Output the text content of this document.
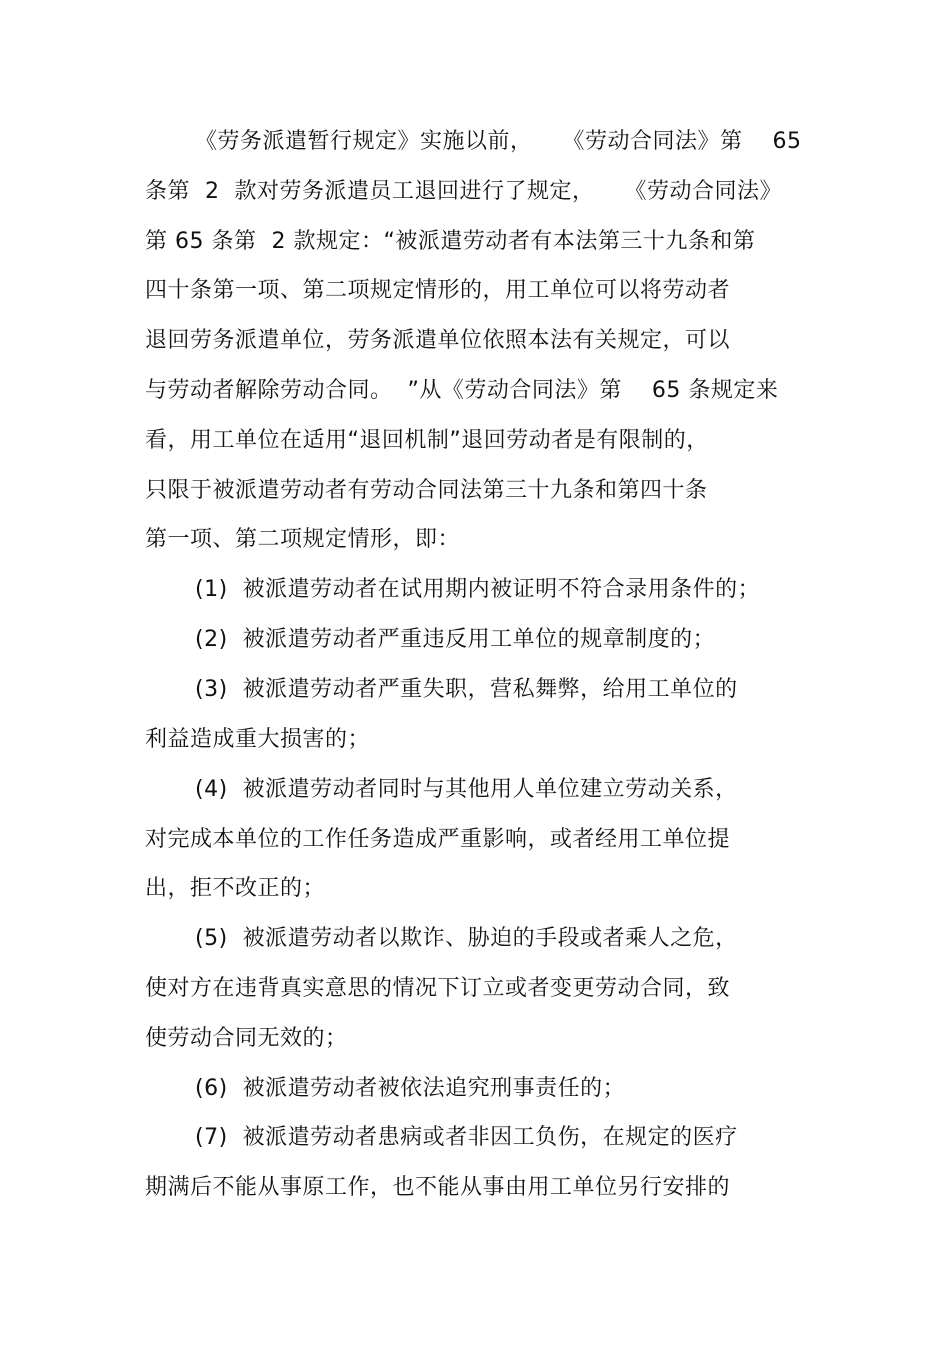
《劳务派遣暂行规定》实施以前，    《劳动合同法》第    65
条第  2  款对劳务派遣员工退回进行了规定，    《劳动合同法》
第 65 条第  2 款规定：“被派遣劳动者有本法第三十九条和第
四十条第一项、第二项规定情形的，用工单位可以将劳动者
退回劳务派遣单位，劳务派遣单位依照本法有关规定，可以
与劳动者解除劳动合同。  ”从《劳动合同法》第    65 条规定来
看，用工单位在适用“退回机制”退回劳动者是有限制的，
只限于被派遣劳动者有劳动合同法第三十九条和第四十条
第一项、第二项规定情形，即：
(1)  被派遣劳动者在试用期内被证明不符合录用条件的；
(2)  被派遣劳动者严重违反用工单位的规章制度的；
(3)  被派遣劳动者严重失职，营私舞弊，给用工单位的
利益造成重大损害的；
(4)  被派遣劳动者同时与其他用人单位建立劳动关系，
对完成本单位的工作任务造成严重影响，或者经用工单位提
出，拒不改正的；
(5)  被派遣劳动者以欺诈、胁迫的手段或者乘人之危，
使对方在违背真实意思的情况下订立或者变更劳动合同，致
使劳动合同无效的；
(6)  被派遣劳动者被依法追究刑事责任的；
(7)  被派遣劳动者患病或者非因工负伤，在规定的医疗
期满后不能从事原工作，也不能从事由用工单位另行安排的
